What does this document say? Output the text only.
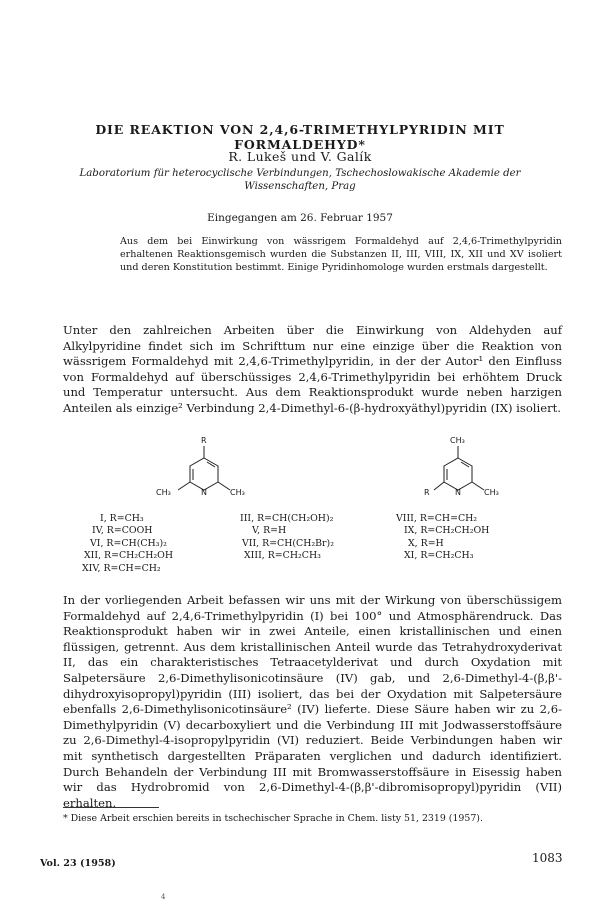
DIE REAKTION VON 2,4,6-TRIMETHYLPYRIDIN MIT FORMALDEHYD*
R. Lukeš und V. Galík
Laboratorium für heterocyclische Verbindungen, Tschechoslowakische Akademie der Wissenschaften, Prag
Eingegangen am 26. Februar 1957
Aus dem bei Einwirkung von wässrigem Formaldehyd auf 2,4,6-Trimethylpyridin erhaltenen Reaktionsgemisch wurden die Substanzen II, III, VIII, IX, XII und XV isoliert und deren Konstitution bestimmt. Einige Pyridinhomologe wurden erstmals dargestellt.

Unter den zahlreichen Arbeiten über die Einwirkung von Aldehyden auf Alkylpyridine findet sich im Schrifttum nur eine einzige über die Reaktion von wässrigem Formaldehyd mit 2,4,6-Trimethylpyridin, in der der Autor¹ den Einfluss von Formaldehyd auf überschüssiges 2,4,6-Trimethylpyridin bei erhöhtem Druck und Temperatur untersucht. Aus dem Reaktionsprodukt wurde neben harzigen Anteilen als einzige² Verbindung 2,4-Dimethyl-6-(β-hydroxyäthyl)pyridin (IX) isoliert.

R
CH₃	N	CH₃
CH₃
R	N	CH₃
I, R=CH₃
IV, R=COOH
VI, R=CH(CH₃)₂
XII, R=CH₂CH₂OH
XIV, R=CH=CH₂
III, R=CH(CH₂OH)₂
V, R=H
VII, R=CH(CH₂Br)₂
XIII, R=CH₂CH₃
VIII, R=CH=CH₂
IX, R=CH₂CH₂OH
X, R=H
XI, R=CH₂CH₃

In der vorliegenden Arbeit befassen wir uns mit der Wirkung von überschüssigem Formaldehyd auf 2,4,6-Trimethylpyridin (I) bei 100° und Atmosphärendruck. Das Reaktionsprodukt haben wir in zwei Anteile, einen kristallinischen und einen flüssigen, getrennt. Aus dem kristallinischen Anteil wurde das Tetrahydroxyderivat II, das ein charakteristisches Tetraacetylderivat und durch Oxydation mit Salpetersäure 2,6-Dimethylisonicotinsäure (IV) gab, und 2,6-Dimethyl-4-(β,β'-dihydroxyisopropyl)pyridin (III) isoliert, das bei der Oxydation mit Salpetersäure ebenfalls 2,6-Dimethylisonicotinsäure² (IV) lieferte. Diese Säure haben wir zu 2,6-Dimethylpyridin (V) decarboxyliert und die Verbindung III mit Jodwasserstoffsäure zu 2,6-Dimethyl-4-isopropylpyridin (VI) reduziert. Beide Verbindungen haben wir mit synthetisch dargestellten Präparaten verglichen und dadurch identifiziert. Durch Behandeln der Verbindung III mit Bromwasserstoffsäure in Eisessig haben wir das Hydrobromid von 2,6-Dimethyl-4-(β,β'-dibromisopropyl)pyridin (VII) erhalten.

* Diese Arbeit erschien bereits in tschechischer Sprache in Chem. listy 51, 2319 (1957).
Vol. 23 (1958)	1083
4
